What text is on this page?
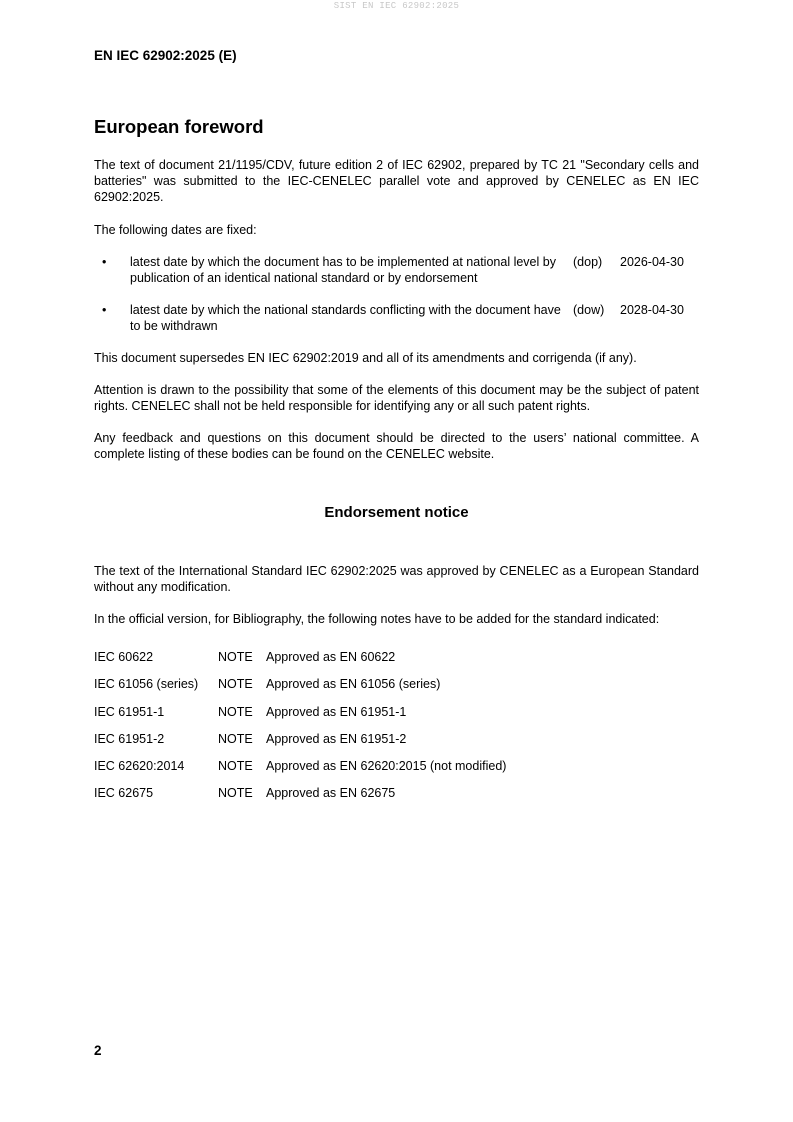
SIST EN IEC 62902:2025
EN IEC 62902:2025 (E)
European foreword
The text of document 21/1195/CDV, future edition 2 of IEC 62902, prepared by TC 21 "Secondary cells and batteries" was submitted to the IEC-CENELEC parallel vote and approved by CENELEC as EN IEC 62902:2025.
The following dates are fixed:
• latest date by which the document has to be implemented at national level by publication of an identical national standard or by endorsement
(dop) 2026-04-30
• latest date by which the national standards conflicting with the document have to be withdrawn
(dow) 2028-04-30
This document supersedes EN IEC 62902:2019 and all of its amendments and corrigenda (if any).
Attention is drawn to the possibility that some of the elements of this document may be the subject of patent rights. CENELEC shall not be held responsible for identifying any or all such patent rights.
Any feedback and questions on this document should be directed to the users’ national committee. A complete listing of these bodies can be found on the CENELEC website.
Endorsement notice
The text of the International Standard IEC 62902:2025 was approved by CENELEC as a European Standard without any modification.
In the official version, for Bibliography, the following notes have to be added for the standard indicated:
IEC 60622	NOTE Approved as EN 60622
IEC 61056 (series) NOTE Approved as EN 61056 (series)
IEC 61951-1	NOTE Approved as EN 61951-1
IEC 61951-2	NOTE Approved as EN 61951-2
IEC 62620:2014	NOTE Approved as EN 62620:2015 (not modified)
IEC 62675	NOTE Approved as EN 62675
2
